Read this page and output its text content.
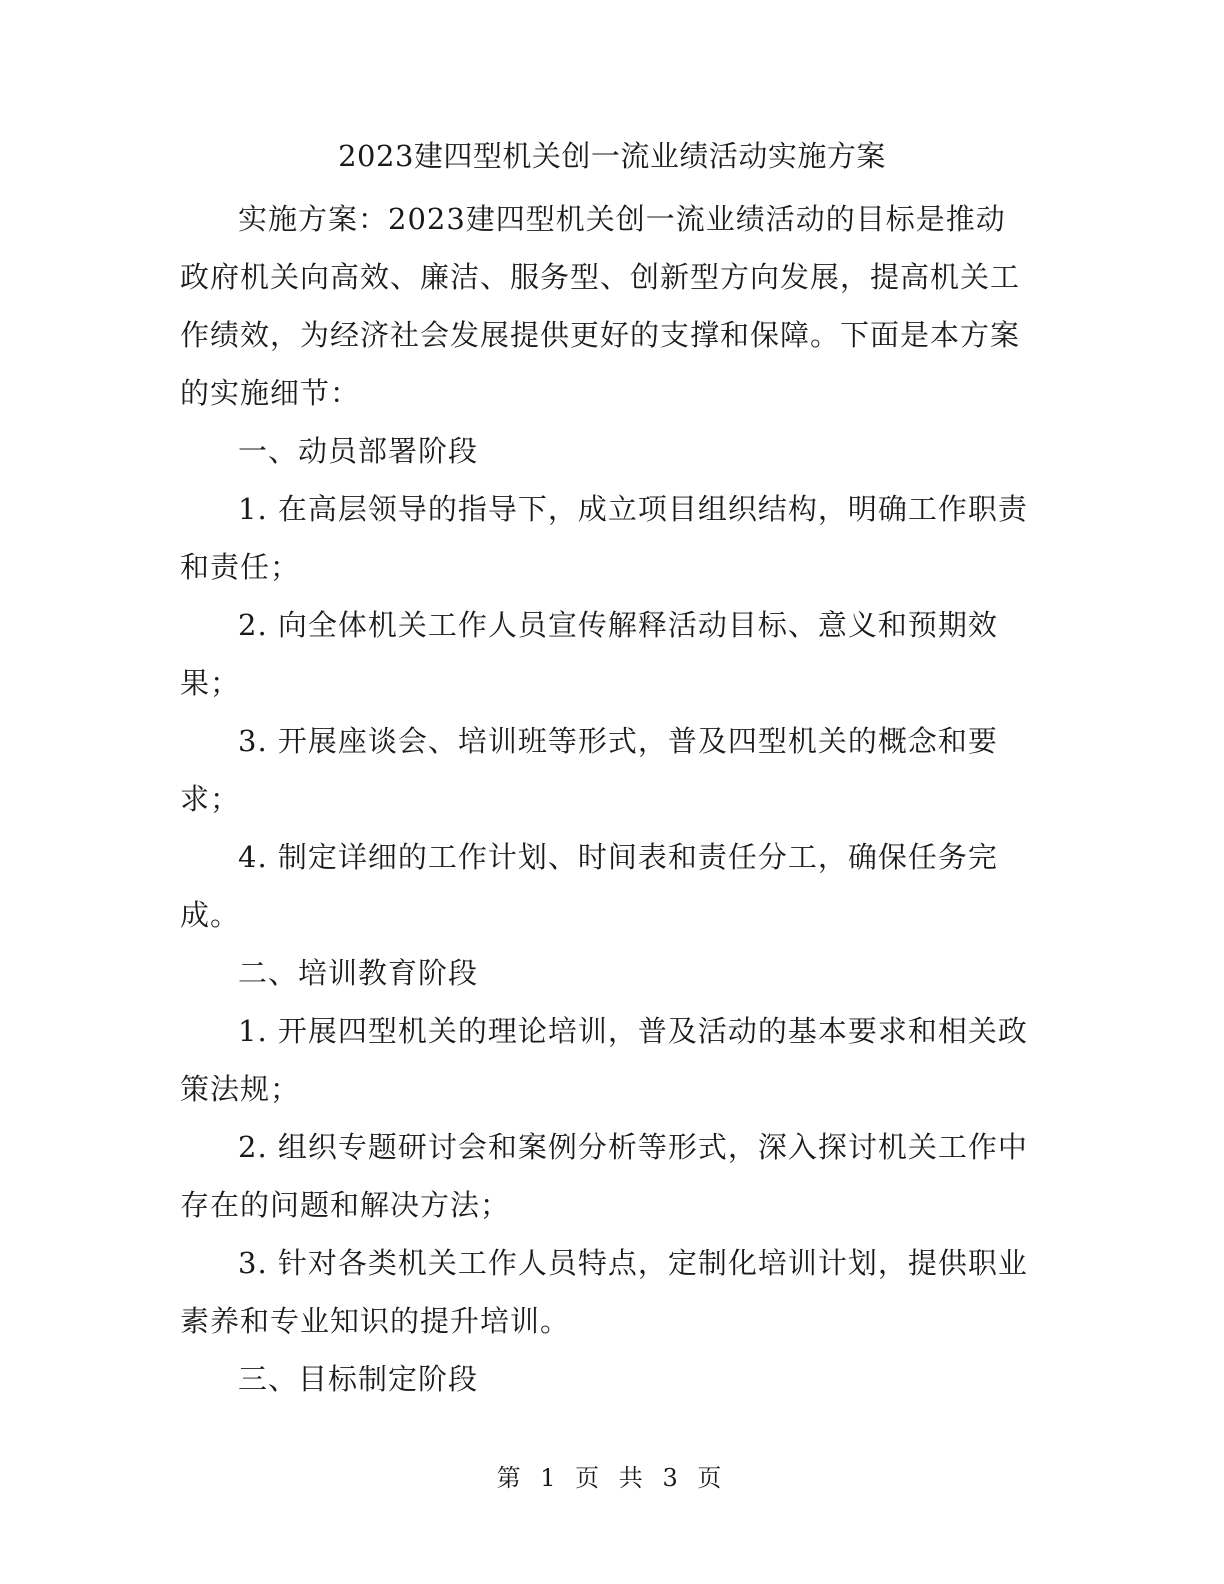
2023建四型机关创一流业绩活动实施方案

实施方案：2023建四型机关创一流业绩活动的目标是推动政府机关向高效、廉洁、服务型、创新型方向发展，提高机关工作绩效，为经济社会发展提供更好的支撑和保障。下面是本方案的实施细节：

一、动员部署阶段

1. 在高层领导的指导下，成立项目组织结构，明确工作职责和责任；

2. 向全体机关工作人员宣传解释活动目标、意义和预期效果；

3. 开展座谈会、培训班等形式，普及四型机关的概念和要求；

4. 制定详细的工作计划、时间表和责任分工，确保任务完成。

二、培训教育阶段

1. 开展四型机关的理论培训，普及活动的基本要求和相关政策法规；

2. 组织专题研讨会和案例分析等形式，深入探讨机关工作中存在的问题和解决方法；

3. 针对各类机关工作人员特点，定制化培训计划，提供职业素养和专业知识的提升培训。

三、目标制定阶段

第 1 页 共 3 页
